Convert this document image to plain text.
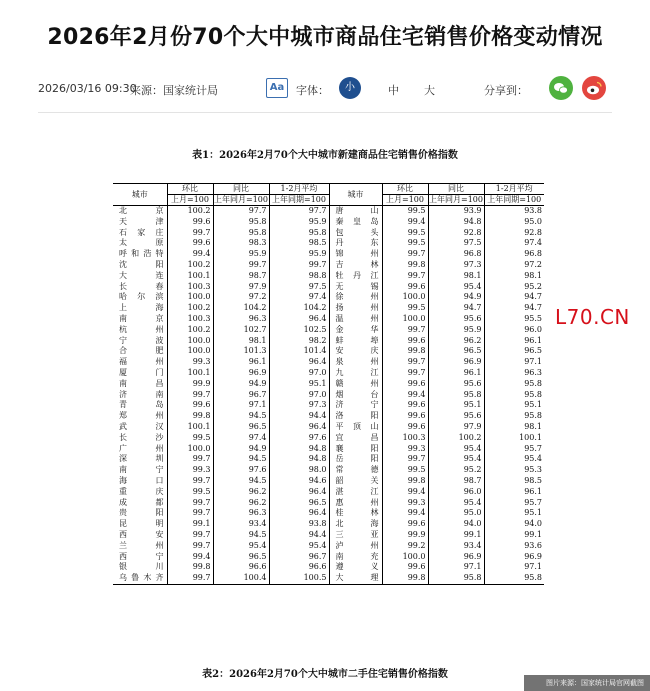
2026年2月份70个大中城市商品住宅销售价格变动情况
2026/03/16 09:30
来源：国家统计局	Aa	字体：	小	中 大	分享到：
表1：2026年2月70个大中城市新建商品住宅销售价格指数
城市	环比	同比	1-2月平均	城市	环比	同比	1-2月平均
	上月=100	上年同月=100	上年同期=100		上月=100	上年同月=100	上年同期=100
北京	100.2	97.7	97.7	唐山	99.5	93.9	93.8
天津	99.6	95.8	95.9	秦皇岛	99.4	94.8	95.0
石家庄	99.7	95.8	95.8	包头	99.5	92.8	92.8
太原	99.6	98.3	98.5	丹东	99.5	97.5	97.4
呼和浩特	99.4	95.9	95.9	锦州	99.7	96.8	96.8
沈阳	100.2	99.7	99.7	吉林	99.8	97.3	97.2
大连	100.1	98.7	98.8	牡丹江	99.7	98.1	98.1
长春	100.3	97.9	97.5	无锡	99.6	95.4	95.2
哈尔滨	100.0	97.2	97.4	徐州	100.0	94.9	94.7
上海	100.2	104.2	104.2	扬州	99.5	94.7	94.7
南京	100.3	96.3	96.4	温州	100.0	95.6	95.5
杭州	100.2	102.7	102.5	金华	99.7	95.9	96.0
宁波	100.0	98.1	98.2	蚌埠	99.6	96.2	96.1
合肥	100.0	101.3	101.4	安庆	99.8	96.5	96.5
福州	99.3	96.1	96.4	泉州	99.7	96.9	97.1
厦门	100.1	96.9	97.0	九江	99.7	96.1	96.3
南昌	99.9	94.9	95.1	赣州	99.6	95.6	95.8
济南	99.7	96.7	97.0	烟台	99.4	95.8	95.8
青岛	99.6	97.1	97.3	济宁	99.6	95.1	95.1
郑州	99.8	94.5	94.4	洛阳	99.6	95.6	95.8
武汉	100.1	96.5	96.4	平顶山	99.6	97.9	98.1
长沙	99.5	97.4	97.6	宜昌	100.3	100.2	100.1
广州	100.0	94.9	94.8	襄阳	99.3	95.4	95.7
深圳	99.7	94.5	94.8	岳阳	99.7	95.4	95.4
南宁	99.3	97.6	98.0	常德	99.5	95.2	95.3
海口	99.7	94.5	94.6	韶关	99.8	98.7	98.5
重庆	99.5	96.2	96.4	湛江	99.4	96.0	96.1
成都	99.7	96.2	96.5	惠州	99.3	95.4	95.7
贵阳	99.7	96.3	96.4	桂林	99.4	95.0	95.1
昆明	99.1	93.4	93.8	北海	99.6	94.0	94.0
西安	99.7	94.5	94.4	三亚	99.9	99.1	99.1
兰州	99.7	95.4	95.4	泸州	99.2	93.4	93.6
西宁	99.4	96.5	96.7	南充	100.0	96.9	96.9
银川	99.8	96.6	96.6	遵义	99.6	97.1	97.1
乌鲁木齐	99.7	100.4	100.5	大理	99.8	95.8	95.8
L70.CN
表2：2026年2月70个大中城市二手住宅销售价格指数
图片来源：国家统计局官网截图
